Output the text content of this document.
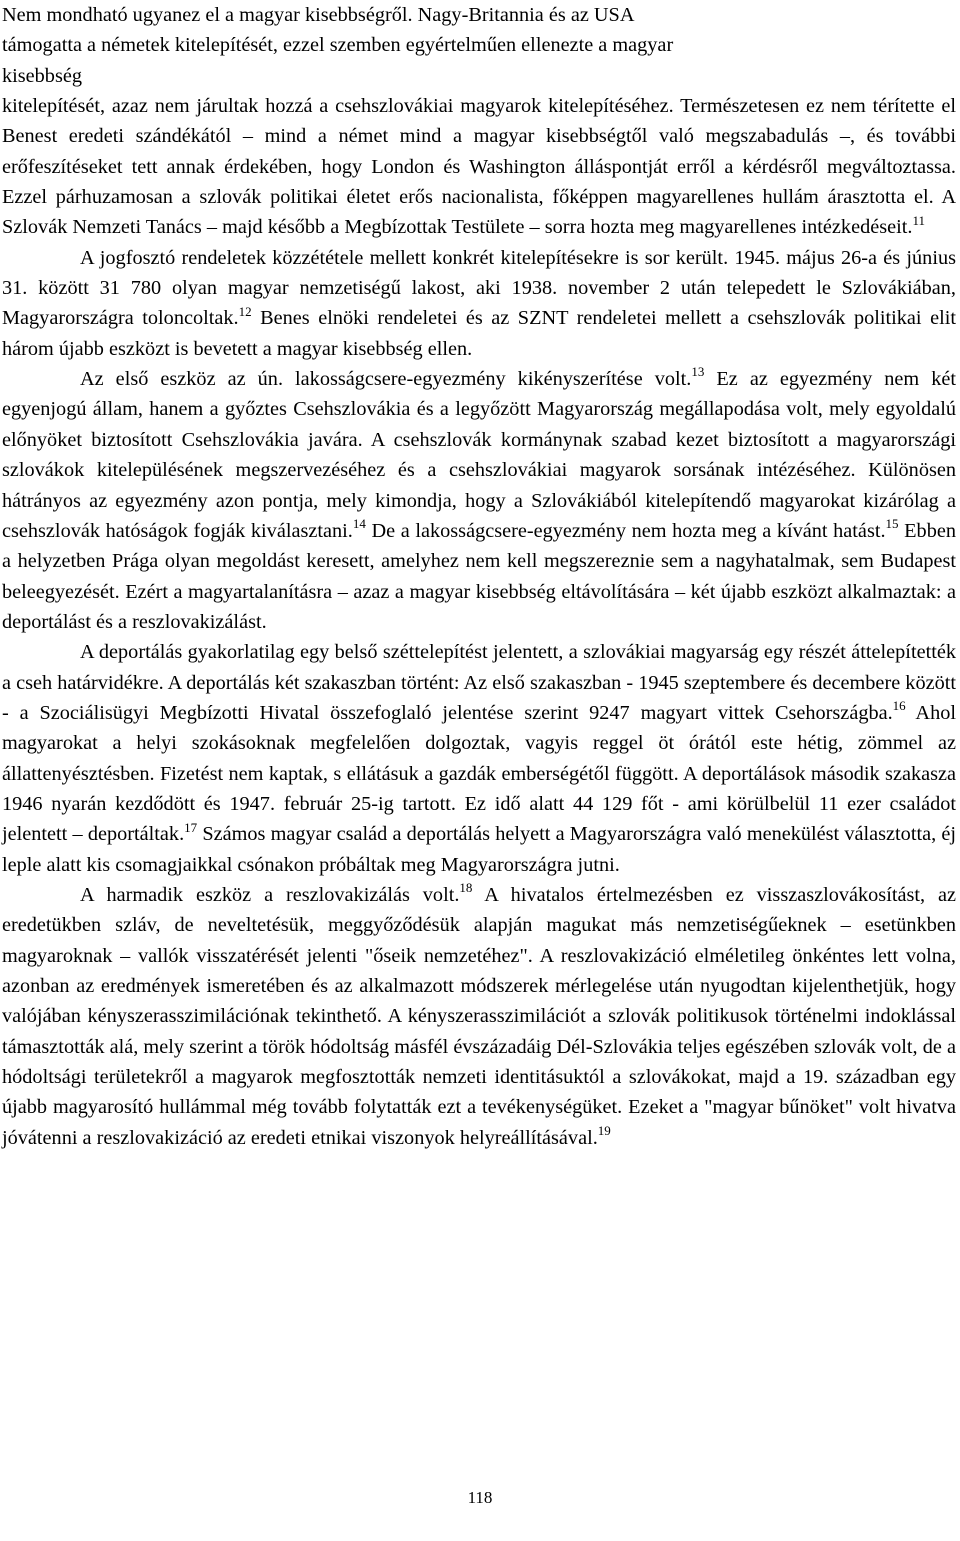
Nem mondható ugyanez el a magyar kisebbségről. Nagy-Britannia és az USA
támogatta a németek kitelepítését, ezzel szemben egyértelműen ellenezte a magyar
kisebbség
kitelepítését, azaz nem járultak hozzá a csehszlovákiai magyarok kitelepítéséhez. Természetesen ez nem térítette el Benest eredeti szándékától – mind a német mind a magyar kisebbségtől való megszabadulás –, és további erőfeszítéseket tett annak érdekében, hogy London és Washington álláspontját erről a kérdésről megváltoztassa. Ezzel párhuzamosan a szlovák politikai életet erős nacionalista, főképpen magyarellenes hullám árasztotta el. A Szlovák Nemzeti Tanács – majd később a Megbízottak Testülete – sorra hozta meg magyarellenes intézkedéseit.$^{11}$

A jogfosztó rendeletek közzététele mellett konkrét kitelepítésekre is sor került. 1945. május 26-a és június 31. között 31 780 olyan magyar nemzetiségű lakost, aki 1938. november 2 után telepedett le Szlovákiában, Magyarországra toloncoltak.$^{12}$ Benes elnöki rendeletei és az SZNT rendeletei mellett a csehszlovák politikai elit három újabb eszközt is bevetett a magyar kisebbség ellen.

Az első eszköz az ún. lakosságcsere-egyezmény kikényszerítése volt.$^{13}$ Ez az egyezmény nem két egyenjogú állam, hanem a győztes Csehszlovákia és a legyőzött Magyarország megállapodása volt, mely egyoldalú előnyöket biztosított Csehszlovákia javára. A csehszlovák kormánynak szabad kezet biztosított a magyarországi szlovákok kitelepülésének megszervezéséhez és a csehszlovákiai magyarok sorsának intézéséhez. Különösen hátrányos az egyezmény azon pontja, mely kimondja, hogy a Szlovákiából kitelepítendő magyarokat kizárólag a csehszlovák hatóságok fogják kiválasztani.$^{14}$ De a lakosságcsere-egyezmény nem hozta meg a kívánt hatást.$^{15}$ Ebben a helyzetben Prága olyan megoldást keresett, amelyhez nem kell megszereznie sem a nagyhatalmak, sem Budapest beleegyezését. Ezért a magyartalanításra – azaz a magyar kisebbség eltávolítására – két újabb eszközt alkalmaztak: a deportálást és a reszlovakizálást.

A deportálás gyakorlatilag egy belső széttelepítést jelentett, a szlovákiai magyarság egy részét áttelepítették a cseh határvidékre. A deportálás két szakaszban történt: Az első szakaszban - 1945 szeptembere és decembere között - a Szociálisügyi Megbízotti Hivatal összefoglaló jelentése szerint 9247 magyart vittek Csehországba.$^{16}$ Ahol magyarokat a helyi szokásoknak megfelelően dolgoztak, vagyis reggel öt órától este hétig, zömmel az állattenyésztésben. Fizetést nem kaptak, s ellátásuk a gazdák emberségétől függött. A deportálások második szakasza 1946 nyarán kezdődött és 1947. február 25-ig tartott. Ez idő alatt 44 129 főt - ami körülbelül 11 ezer családot jelentett – deportáltak.$^{17}$ Számos magyar család a deportálás helyett a Magyarországra való menekülést választotta, éj leple alatt kis csomagjaikkal csónakon próbáltak meg Magyarországra jutni.

A harmadik eszköz a reszlovakizálás volt.$^{18}$ A hivatalos értelmezésben ez visszaszlovákosítást, az eredetükben szláv, de neveltetésük, meggyőződésük alapján magukat más nemzetiségűeknek – esetünkben magyaroknak – vallók visszatérését jelenti "őseik nemzetéhez". A reszlovakizáció elméletileg önkéntes lett volna, azonban az eredmények ismeretében és az alkalmazott módszerek mérlegelése után nyugodtan kijelenthetjük, hogy valójában kényszerasszimilációnak tekinthető. A kényszerasszimilációt a szlovák politikusok történelmi indoklással támasztották alá, mely szerint a török hódoltság másfél évszázadáig Dél-Szlovákia teljes egészében szlovák volt, de a hódoltsági területekről a magyarok megfosztották nemzeti identitásuktól a szlovákokat, majd a 19. században egy újabb magyarosító hullámmal még tovább folytatták ezt a tevékenységüket. Ezeket a "magyar bűnöket" volt hivatva jóvátenni a reszlovakizáció az eredeti etnikai viszonyok helyreállításával.$^{19}$

118
